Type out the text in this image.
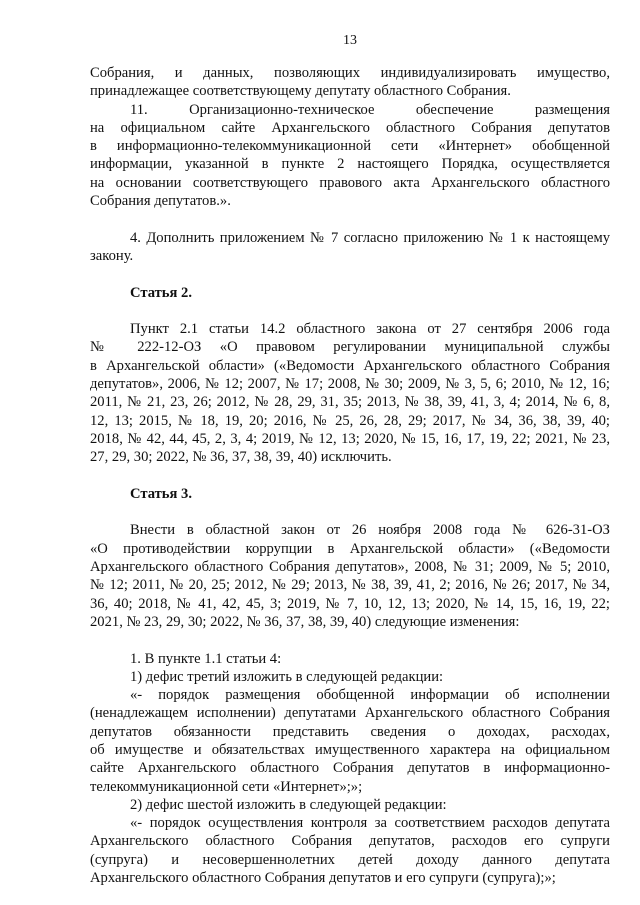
13
Собрания, и данных, позволяющих индивидуализировать имущество,
принадлежащее соответствующему депутату областного Собрания.
11. Организационно-техническое обеспечение размещения
на официальном сайте Архангельского областного Собрания депутатов
в информационно-телекоммуникационной сети «Интернет» обобщенной
информации, указанной в пункте 2 настоящего Порядка, осуществляется
на основании соответствующего правового акта Архангельского областного
Собрания депутатов.».
4. Дополнить приложением № 7 согласно приложению № 1 к настоящему
закону.
Статья 2.
Пункт 2.1 статьи 14.2 областного закона от 27 сентября 2006 года
№ 222-12-ОЗ «О правовом регулировании муниципальной службы
в Архангельской области» («Ведомости Архангельского областного Собрания
депутатов», 2006, № 12; 2007, № 17; 2008, № 30; 2009, № 3, 5, 6; 2010, № 12, 16;
2011, № 21, 23, 26; 2012, № 28, 29, 31, 35; 2013, № 38, 39, 41, 3, 4; 2014, № 6, 8,
12, 13; 2015, № 18, 19, 20; 2016, № 25, 26, 28, 29; 2017, № 34, 36, 38, 39, 40;
2018, № 42, 44, 45, 2, 3, 4; 2019, № 12, 13; 2020, № 15, 16, 17, 19, 22; 2021, № 23,
27, 29, 30; 2022, № 36, 37, 38, 39, 40) исключить.
Статья 3.
Внести в областной закон от 26 ноября 2008 года № 626-31-ОЗ
«О противодействии коррупции в Архангельской области» («Ведомости
Архангельского областного Собрания депутатов», 2008, № 31; 2009, № 5; 2010,
№ 12; 2011, № 20, 25; 2012, № 29; 2013, № 38, 39, 41, 2; 2016, № 26; 2017, № 34,
36, 40; 2018, № 41, 42, 45, 3; 2019, № 7, 10, 12, 13; 2020, № 14, 15, 16, 19, 22;
2021, № 23, 29, 30; 2022, № 36, 37, 38, 39, 40) следующие изменения:
1. В пункте 1.1 статьи 4:
1) дефис третий изложить в следующей редакции:
«- порядок размещения обобщенной информации об исполнении
(ненадлежащем исполнении) депутатами Архангельского областного Собрания
депутатов обязанности представить сведения о доходах, расходах,
об имуществе и обязательствах имущественного характера на официальном
сайте Архангельского областного Собрания депутатов в информационно-
телекоммуникационной сети «Интернет»;»;
2) дефис шестой изложить в следующей редакции:
«- порядок осуществления контроля за соответствием расходов депутата
Архангельского областного Собрания депутатов, расходов его супруги
(супруга) и несовершеннолетних детей доходу данного депутата
Архангельского областного Собрания депутатов и его супруги (супруга);»;
